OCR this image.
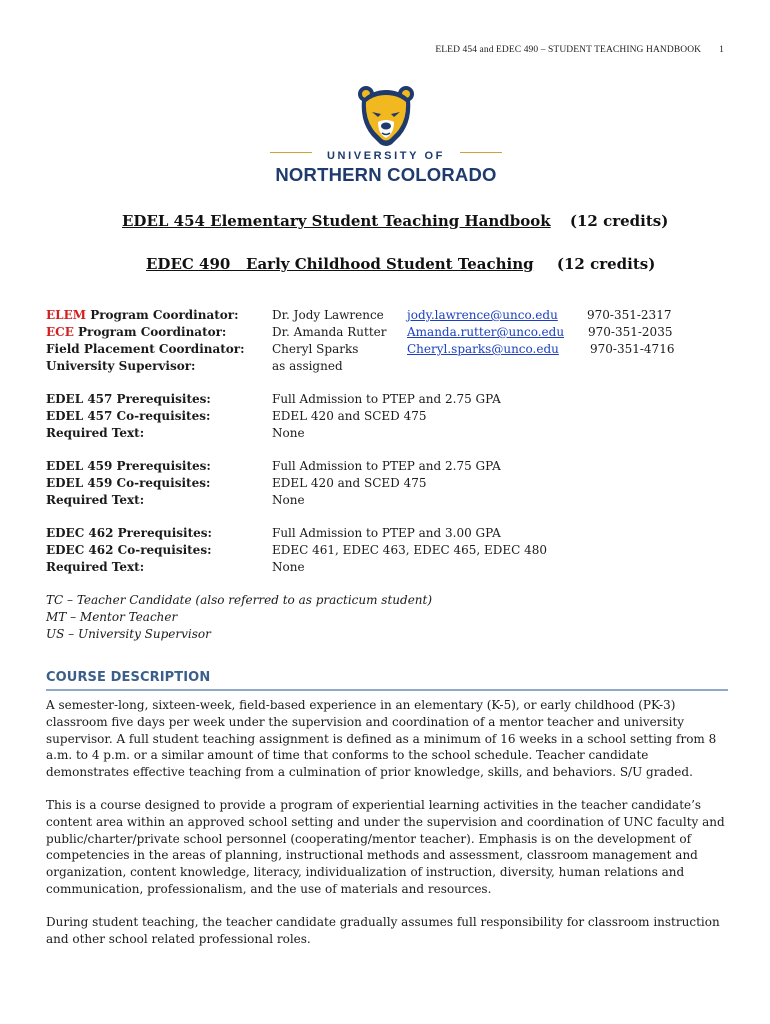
ELED 454 and EDEC 490 – STUDENT TEACHING HANDBOOK 1
UNIVERSITY OF
NORTHERN COLORADO
EDEL 454 Elementary Student Teaching Handbook (12 credits)
EDEC 490   Early Childhood Student Teaching (12 credits)
ELEM Program Coordinator:	Dr. Jody Lawrence jody.lawrence@unco.edu 970-351-2317
ECE Program Coordinator:	Dr. Amanda Rutter Amanda.rutter@unco.edu 970-351-2035
Field Placement Coordinator: Cheryl Sparks	Cheryl.sparks@unco.edu	970-351-4716
University Supervisor:	as assigned
EDEL 457 Prerequisites:	Full Admission to PTEP and 2.75 GPA
EDEL 457 Co-requisites:	EDEL 420 and SCED 475
Required Text:	None
EDEL 459 Prerequisites:	Full Admission to PTEP and 2.75 GPA
EDEL 459 Co-requisites:	EDEL 420 and SCED 475
Required Text:	None
EDEC 462 Prerequisites:	Full Admission to PTEP and 3.00 GPA
EDEC 462 Co-requisites:	EDEC 461, EDEC 463, EDEC 465, EDEC 480
Required Text:	None
TC – Teacher Candidate (also referred to as practicum student)
MT – Mentor Teacher
US – University Supervisor
COURSE DESCRIPTION
A semester-long, sixteen-week, field-based experience in an elementary (K-5), or early childhood (PK-3) classroom five days per week under the supervision and coordination of a mentor teacher and university supervisor. A full student teaching assignment is defined as a minimum of 16 weeks in a school setting from 8 a.m. to 4 p.m. or a similar amount of time that conforms to the school schedule. Teacher candidate demonstrates effective teaching from a culmination of prior knowledge, skills, and behaviors. S/U graded.
This is a course designed to provide a program of experiential learning activities in the teacher candidate’s content area within an approved school setting and under the supervision and coordination of UNC faculty and public/charter/private school personnel (cooperating/mentor teacher). Emphasis is on the development of competencies in the areas of planning, instructional methods and assessment, classroom management and organization, content knowledge, literacy, individualization of instruction, diversity, human relations and communication, professionalism, and the use of materials and resources.
During student teaching, the teacher candidate gradually assumes full responsibility for classroom instruction and other school related professional roles.
